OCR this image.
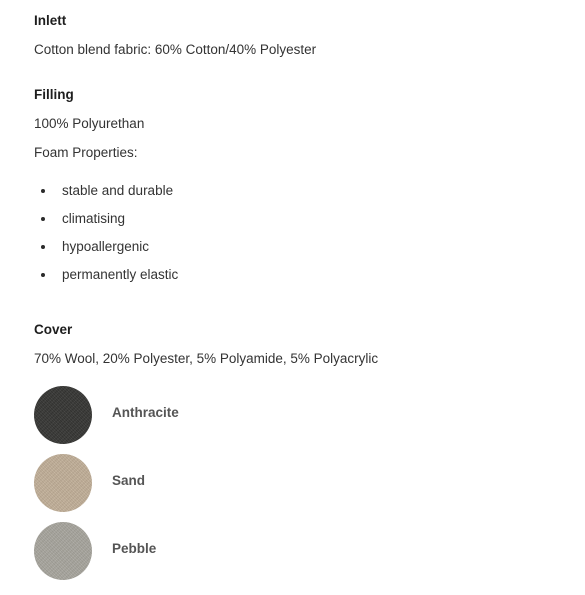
Inlett
Cotton blend fabric: 60% Cotton/40% Polyester
Filling
100% Polyurethan
Foam Properties:
stable and durable
climatising
hypoallergenic
permanently elastic
Cover
70% Wool, 20% Polyester, 5% Polyamide, 5% Polyacrylic
Anthracite
Sand
Pebble
